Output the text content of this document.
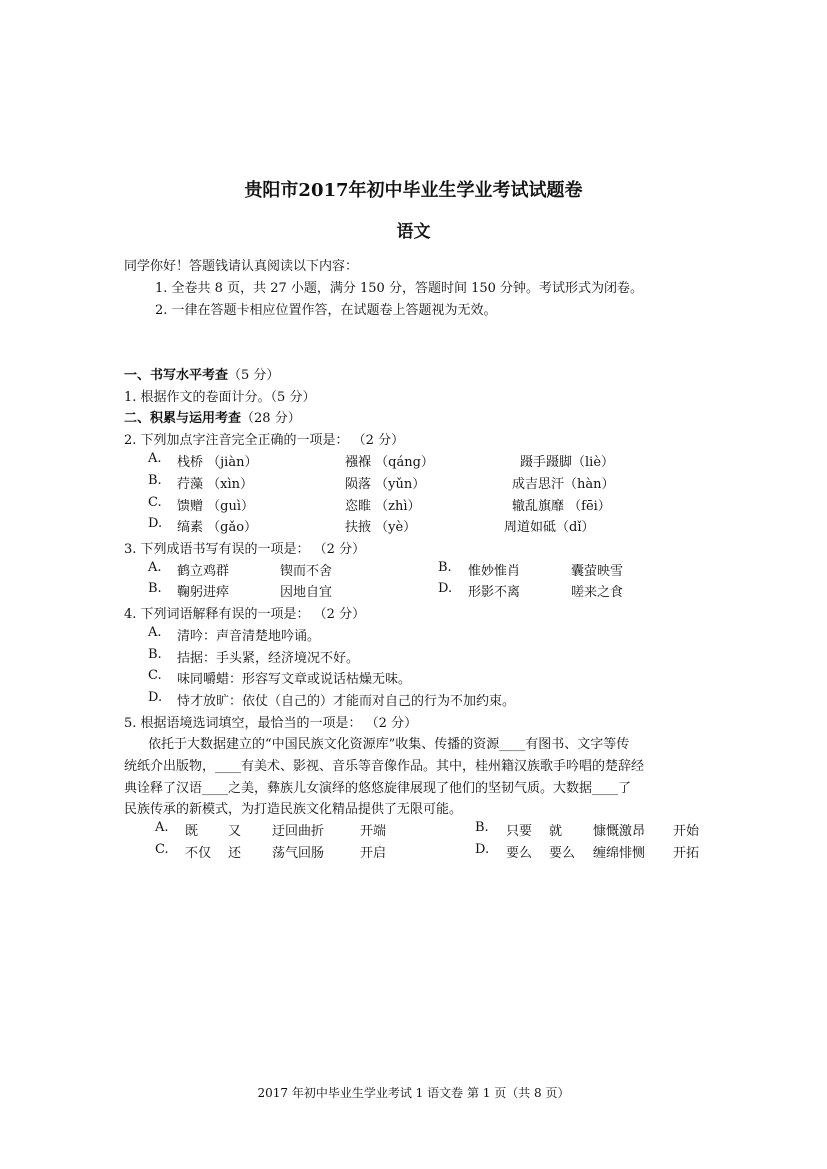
贵阳市2017年初中毕业生学业考试试题卷
语文
同学你好！答题钱请认真阅读以下内容：
1. 全卷共 8 页，共 27 小题，满分 150 分，答题时间 150 分钟。考试形式为闭卷。
2. 一律在答题卡相应位置作答，在试题卷上答题视为无效。
一、书写水平考查（5 分）
1. 根据作文的卷面计分。（5 分）
二、积累与运用考查（28 分）
2. 下列加点字注音完全正确的一项是： （2 分）
A. 栈桥 （jiàn）	襁褓 （qáng）	蹑手蹑脚（liè）
B. 荇藻 （xìn）	陨落 （yǔn）	成吉思汗（hàn）
C. 馈赠 （guì）	恣睢 （zhì）	辙乱旗靡 （fēi）
D. 缟素 （gǎo）	扶掖 （yè）	周道如砥（dǐ）
3. 下列成语书写有误的一项是： （2 分）
A. 鹤立鸡群	锲而不舍	B. 惟妙惟肖	囊萤映雪
B. 鞠躬进瘁	因地自宜	D. 形影不离	嗟来之食
4. 下列词语解释有误的一项是： （2 分）
A. 清吟：声音清楚地吟诵。
B. 拮据：手头紧，经济境况不好。
C. 味同嚼蜡：形容写文章或说话枯燥无味。
D. 恃才放旷：依仗（自己的）才能而对自己的行为不加约束。
5. 根据语境选词填空，最恰当的一项是： （2 分）
依托于大数据建立的“中国民族文化资源库”收集、传播的资源____有图书、文字等传
统纸介出版物，____有美术、影视、音乐等音像作品。其中，桂州籍汉族歌手吟唱的楚辞经
典诠释了汉语____之美，彝族儿女演绎的悠悠旋律展现了他们的坚韧气质。大数据____了
民族传承的新模式，为打造民族文化精品提供了无限可能。
A. 既 又 迂回曲折	开端	B. 只要 就 慷慨激昂 开始
C. 不仅 还 荡气回肠	开启	D. 要么 要么 缠绵悱恻 开拓
2017 年初中毕业生学业考试 1 语文卷 第 1 页（共 8 页）
